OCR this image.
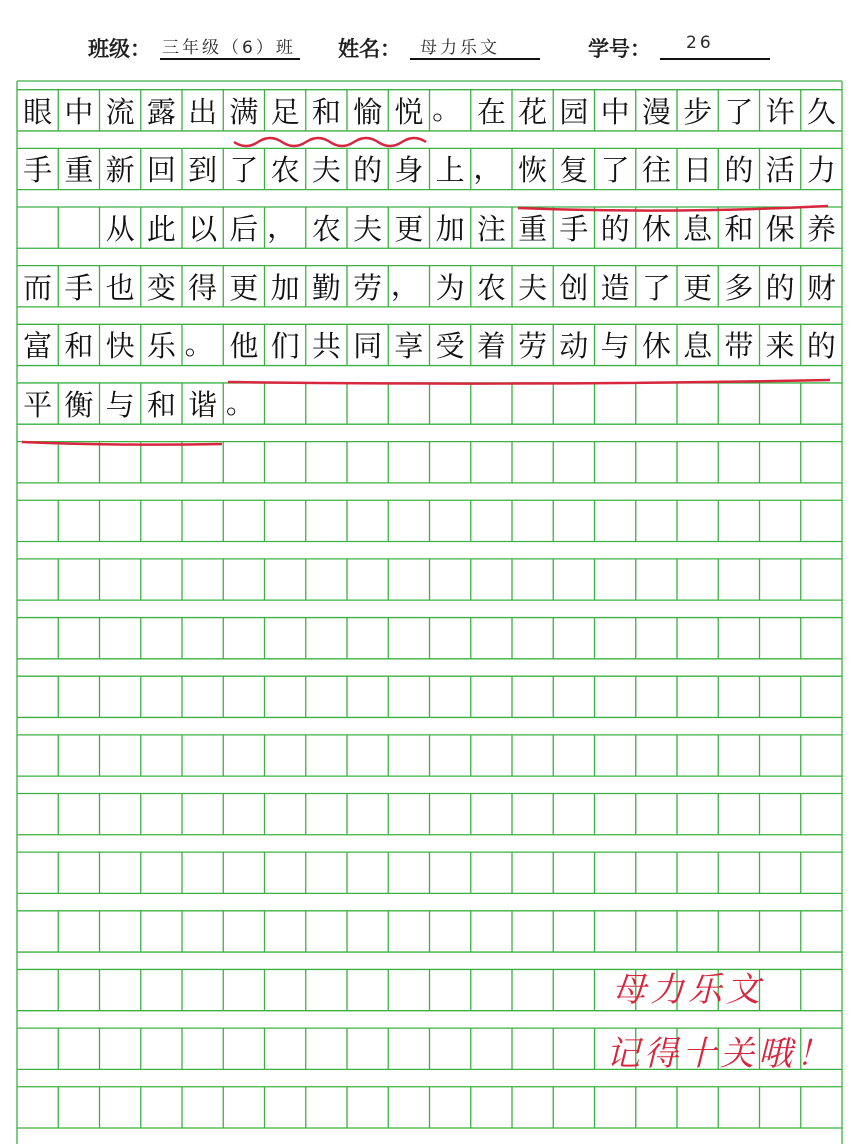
班级： 三年级（6）班 姓名： 母力乐文	学号： 26
眼 中 流 露 出 满 足 和 愉 悦 。 在 花 园 中 漫 步 了 许 久
手 重 新 回 到 了 农 夫 的 身 上 ， 恢 复 了 往 日 的 活 力
从 此 以 后 ， 农 夫 更 加 注 重 手 的 休 息 和 保 养
而 手 也 变 得 更 加 勤 劳 ， 为 农 夫 创 造 了 更 多 的 财
富 和 快 乐 。 他 们 共 同 享 受 着 劳 动 与 休 息 带 来 的
平 衡 与 和 谐 。
母力乐文
记得十关哦！
